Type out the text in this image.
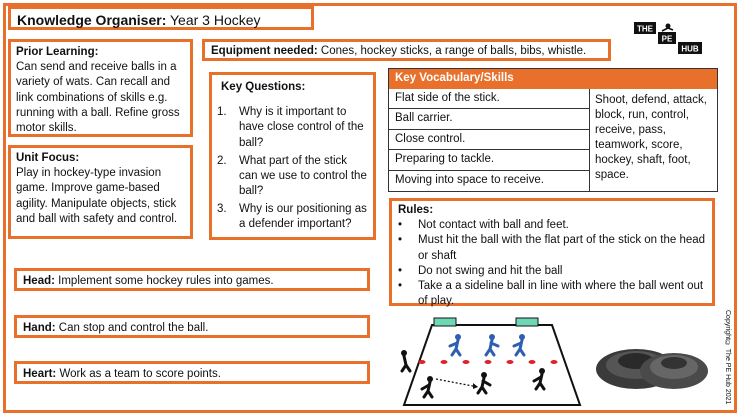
Knowledge Organiser: Year 3 Hockey
Prior Learning:
Can send and receive balls in a variety of wats. Can recall and link combinations of skills e.g. running with a ball. Refine gross motor skills.
Unit Focus:
Play in hockey-type invasion game. Improve game-based agility. Manipulate objects, stick and ball with safety and control.
Equipment needed: Cones, hockey sticks, a range of balls, bibs, whistle.
Key Questions:
1.	Why is it important to have close control of the ball?
2.	What part of the stick can we use to control the ball?
3.	Why is our positioning as a defender important?
Key Vocabulary/Skills
Flat side of the stick.
Ball carrier.
Close control.
Preparing to tackle.
Moving into space to receive.
Shoot, defend, attack, block, run, control, receive, pass, teamwork, score, hockey, shaft, foot, space.
Rules:
•	Not contact with ball and feet.
•	Must hit the ball with the flat part of the stick on the head or shaft
•	Do not swing and hit the ball
•	Take a a sideline ball in line with where the ball went out of play.
Head: Implement some hockey rules into games.
Hand: Can stop and control the ball.
Heart: Work as a team to score points.
THE
PE
HUB
Copyright© The PE Hub 2021
